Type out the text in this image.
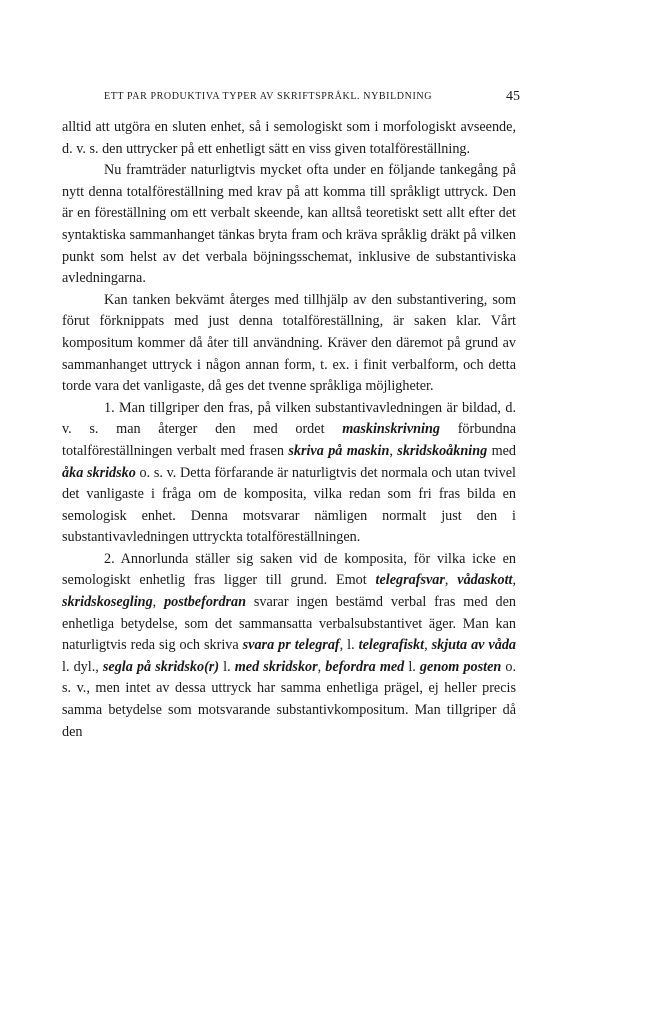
ETT PAR PRODUKTIVA TYPER AV SKRIFTSPRÅKL. NYBILDNING	45

alltid att utgöra en sluten enhet, så i semologiskt som i morfologiskt avseende, d. v. s. den uttrycker på ett enhetligt sätt en viss given totalföreställning.

Nu framträder naturligtvis mycket ofta under en följande tankegång på nytt denna totalföreställning med krav på att komma till språkligt uttryck. Den är en föreställning om ett verbalt skeende, kan alltså teoretiskt sett allt efter det syntaktiska sammanhanget tänkas bryta fram och kräva språklig dräkt på vilken punkt som helst av det verbala böjningsschemat, inklusive de substantiviska avledningarna.

Kan tanken bekvämt återges med tillhjälp av den substantivering, som förut förknippats med just denna totalföreställning, är saken klar. Vårt kompositum kommer då åter till användning. Kräver den däremot på grund av sammanhanget uttryck i någon annan form, t. ex. i finit verbalform, och detta torde vara det vanligaste, då ges det tvenne språkliga möjligheter.

1. Man tillgriper den fras, på vilken substantivavledningen är bildad, d. v. s. man återger den med ordet maskinskrivning förbundna totalföreställningen verbalt med frasen skriva på maskin, skridskoåkning med åka skridsko o. s. v. Detta förfarande är naturligtvis det normala och utan tvivel det vanligaste i fråga om de komposita, vilka redan som fri fras bilda en semologisk enhet. Denna motsvarar nämligen normalt just den i substantivavledningen uttryckta totalföreställningen.

2. Annorlunda ställer sig saken vid de komposita, för vilka icke en semologiskt enhetlig fras ligger till grund. Emot telegrafsvar, vådaskott, skridskosegling, postbefordran svarar ingen bestämd verbal fras med den enhetliga betydelse, som det sammansatta verbalsubstantivet äger. Man kan naturligtvis reda sig och skriva svara pr telegraf, l. telegrafiskt, skjuta av våda l. dyl., segla på skridsko(r) l. med skridskor, befordra med l. genom posten o. s. v., men intet av dessa uttryck har samma enhetliga prägel, ej heller precis samma betydelse som motsvarande substantivkompositum. Man tillgriper då den
